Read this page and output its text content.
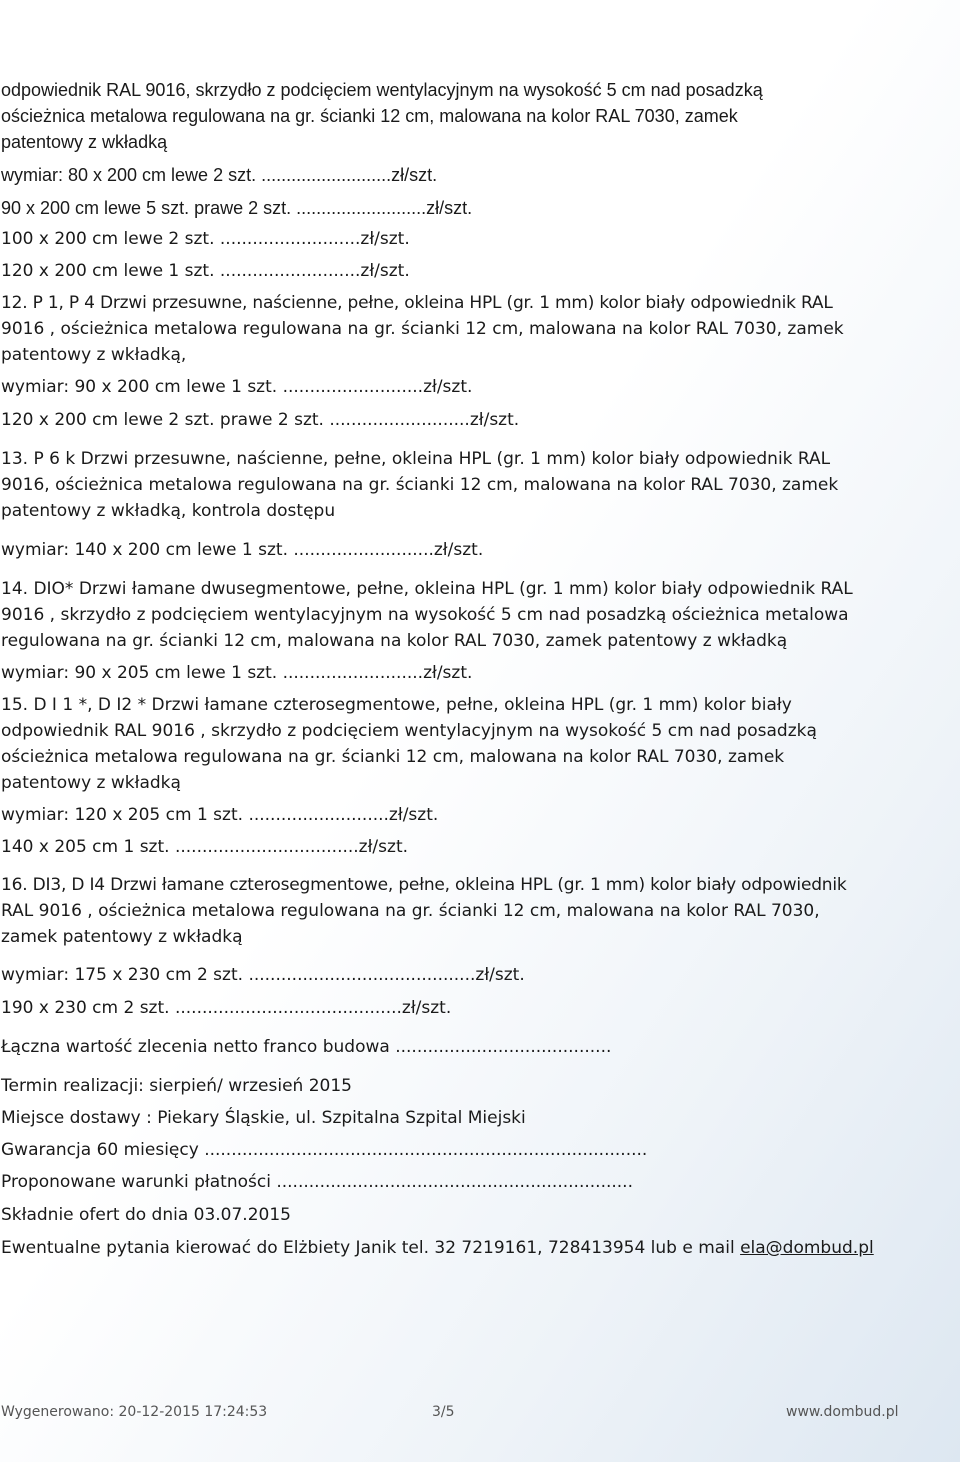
odpowiednik RAL 9016, skrzydło z podcięciem wentylacyjnym na wysokość 5 cm nad posadzką
ościeżnica metalowa regulowana na gr. ścianki 12 cm, malowana na kolor RAL 7030, zamek
patentowy z wkładką
wymiar: 80 x 200 cm lewe 2 szt. ..........................zł/szt.
90 x 200 cm lewe 5 szt. prawe 2 szt. ..........................zł/szt.
100 x 200 cm lewe 2 szt. ..........................zł/szt.
120 x 200 cm lewe 1 szt. ..........................zł/szt.
12. P 1, P 4 Drzwi przesuwne, naścienne, pełne, okleina HPL (gr. 1 mm) kolor biały odpowiednik RAL
9016 , ościeżnica metalowa regulowana na gr. ścianki 12 cm, malowana na kolor RAL 7030, zamek
patentowy z wkładką,
wymiar: 90 x 200 cm lewe 1 szt. ..........................zł/szt.
120 x 200 cm lewe 2 szt. prawe 2 szt. ..........................zł/szt.
13. P 6 k Drzwi przesuwne, naścienne, pełne, okleina HPL (gr. 1 mm) kolor biały odpowiednik RAL
9016, ościeżnica metalowa regulowana na gr. ścianki 12 cm, malowana na kolor RAL 7030, zamek
patentowy z wkładką, kontrola dostępu
wymiar: 140 x 200 cm lewe 1 szt. ..........................zł/szt.
14. DIO* Drzwi łamane dwusegmentowe, pełne, okleina HPL (gr. 1 mm) kolor biały odpowiednik RAL
9016 , skrzydło z podcięciem wentylacyjnym na wysokość 5 cm nad posadzką ościeżnica metalowa
regulowana na gr. ścianki 12 cm, malowana na kolor RAL 7030, zamek patentowy z wkładką
wymiar: 90 x 205 cm lewe 1 szt. ..........................zł/szt.
15. D I 1 *, D I2 * Drzwi łamane czterosegmentowe, pełne, okleina HPL (gr. 1 mm) kolor biały
odpowiednik RAL 9016 , skrzydło z podcięciem wentylacyjnym na wysokość 5 cm nad posadzką
ościeżnica metalowa regulowana na gr. ścianki 12 cm, malowana na kolor RAL 7030, zamek
patentowy z wkładką
wymiar: 120 x 205 cm 1 szt. ..........................zł/szt.
140 x 205 cm 1 szt. ..................................zł/szt.
16. DI3, D I4 Drzwi łamane czterosegmentowe, pełne, okleina HPL (gr. 1 mm) kolor biały odpowiednik
RAL 9016 , ościeżnica metalowa regulowana na gr. ścianki 12 cm, malowana na kolor RAL 7030,
zamek patentowy z wkładką
wymiar: 175 x 230 cm 2 szt. ..........................................zł/szt.
190 x 230 cm 2 szt. ..........................................zł/szt.
Łączna wartość zlecenia netto franco budowa ........................................
Termin realizacji: sierpień/ wrzesień 2015
Miejsce dostawy : Piekary Śląskie, ul. Szpitalna Szpital Miejski
Gwarancja 60 miesięcy ..................................................................................
Proponowane warunki płatności ..................................................................
Składnie ofert do dnia 03.07.2015
Ewentualne pytania kierować do Elżbiety Janik tel. 32 7219161, 728413954 lub e mail ela@dombud.pl
Wygenerowano: 20-12-2015 17:24:53	3/5	www.dombud.pl
